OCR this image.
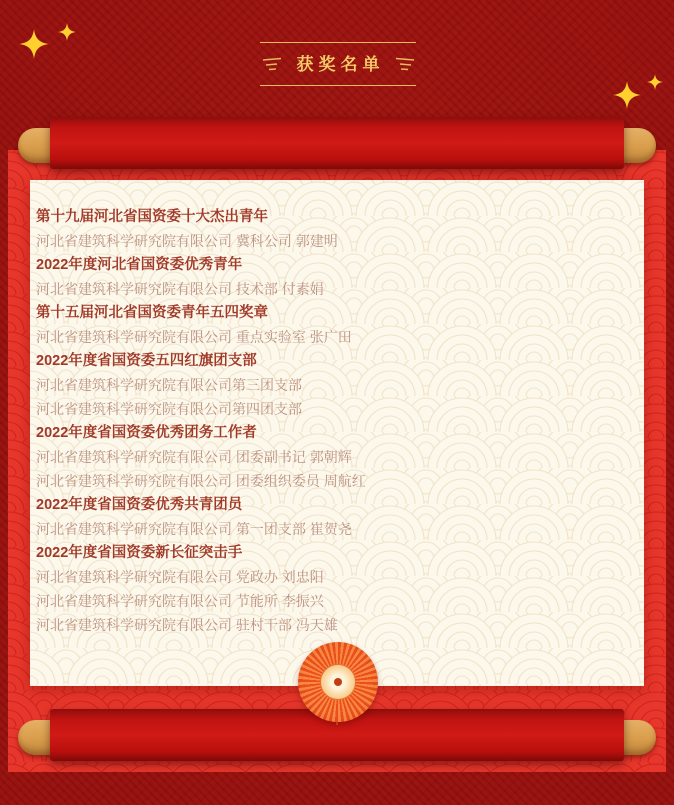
获奖名单
第十九届河北省国资委十大杰出青年
河北省建筑科学研究院有限公司 冀科公司 郭建明
2022年度河北省国资委优秀青年
河北省建筑科学研究院有限公司 技术部 付素娟
第十五届河北省国资委青年五四奖章
河北省建筑科学研究院有限公司 重点实验室 张广田
2022年度省国资委五四红旗团支部
河北省建筑科学研究院有限公司第三团支部
河北省建筑科学研究院有限公司第四团支部
2022年度省国资委优秀团务工作者
河北省建筑科学研究院有限公司 团委副书记 郭朝辉
河北省建筑科学研究院有限公司 团委组织委员 周航红
2022年度省国资委优秀共青团员
河北省建筑科学研究院有限公司 第一团支部 崔贺尧
2022年度省国资委新长征突击手
河北省建筑科学研究院有限公司 党政办 刘忠阳
河北省建筑科学研究院有限公司 节能所 李振兴
河北省建筑科学研究院有限公司 驻村干部 冯天雄
